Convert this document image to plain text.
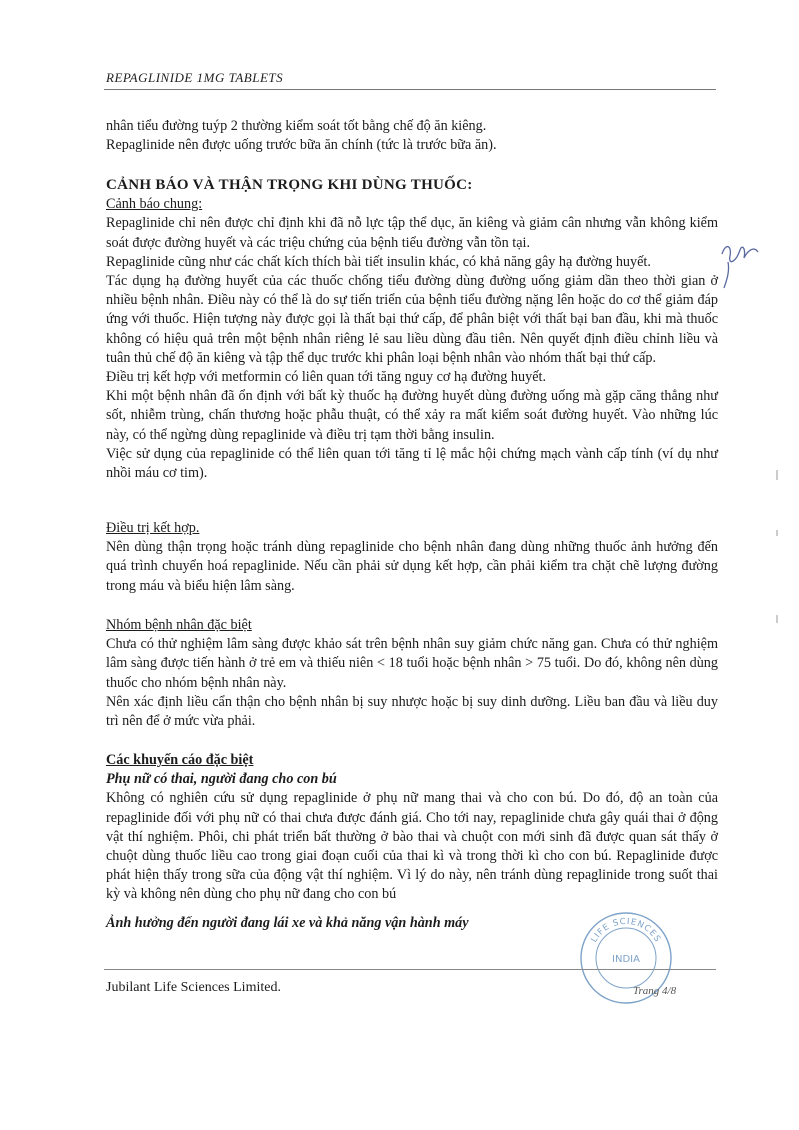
REPAGLINIDE 1MG TABLETS

nhân tiểu đường tuýp 2 thường kiểm soát tốt bằng chế độ ăn kiêng.

Repaglinide nên được uống trước bữa ăn chính (tức là trước bữa ăn).

CẢNH BÁO VÀ THẬN TRỌNG KHI DÙNG THUỐC:

Cảnh báo chung:

Repaglinide chỉ nên được chỉ định khi đã nỗ lực tập thể dục, ăn kiêng và giảm cân nhưng vẫn không kiểm soát được đường huyết và các triệu chứng của bệnh tiểu đường vẫn tồn tại.

Repaglinide cũng như các chất kích thích bài tiết insulin khác, có khả năng gây hạ đường huyết.

Tác dụng hạ đường huyết của các thuốc chống tiểu đường dùng đường uống giảm dần theo thời gian ở nhiều bệnh nhân. Điều này có thể là do sự tiến triển của bệnh tiểu đường nặng lên hoặc do cơ thể giảm đáp ứng với thuốc. Hiện tượng này được gọi là thất bại thứ cấp, để phân biệt với thất bại ban đầu, khi mà thuốc không có hiệu quả trên một bệnh nhân riêng lẻ sau liều dùng đầu tiên. Nên quyết định điều chỉnh liều và tuân thủ chế độ ăn kiêng và tập thể dục trước khi phân loại bệnh nhân vào nhóm thất bại thứ cấp.

Điều trị kết hợp với metformin có liên quan tới tăng nguy cơ hạ đường huyết.

Khi một bệnh nhân đã ổn định với bất kỳ thuốc hạ đường huyết dùng đường uống mà gặp căng thẳng như sốt, nhiễm trùng, chấn thương hoặc phẫu thuật, có thể xảy ra mất kiểm soát đường huyết. Vào những lúc này, có thể ngừng dùng repaglinide và điều trị tạm thời bằng insulin.

Việc sử dụng của repaglinide có thể liên quan tới tăng tỉ lệ mắc hội chứng mạch vành cấp tính (ví dụ như nhồi máu cơ tim).

Điều trị kết hợp.

Nên dùng thận trọng hoặc tránh dùng repaglinide cho bệnh nhân đang dùng những thuốc ảnh hưởng đến quá trình chuyển hoá repaglinide. Nếu cần phải sử dụng kết hợp, cần phải kiểm tra chặt chẽ lượng đường trong máu và biểu hiện lâm sàng.

Nhóm bệnh nhân đặc biệt

Chưa có thử nghiệm lâm sàng được khảo sát trên bệnh nhân suy giảm chức năng gan. Chưa có thử nghiệm lâm sàng được tiến hành ở trẻ em và thiếu niên < 18 tuổi hoặc bệnh nhân > 75 tuổi. Do đó, không nên dùng thuốc cho nhóm bệnh nhân này.

Nên xác định liều cẩn thận cho bệnh nhân bị suy nhược hoặc bị suy dinh dưỡng. Liều ban đầu và liều duy trì nên để ở mức vừa phải.

Các khuyến cáo đặc biệt

Phụ nữ có thai, người đang cho con bú

Không có nghiên cứu sử dụng repaglinide ở phụ nữ mang thai và cho con bú. Do đó, độ an toàn của repaglinide đối với phụ nữ có thai chưa được đánh giá. Cho tới nay, repaglinide chưa gây quái thai ở động vật thí nghiệm. Phôi, chi phát triển bất thường ở bào thai và chuột con mới sinh đã được quan sát thấy ở chuột dùng thuốc liều cao trong giai đoạn cuối của thai kì và trong thời kì cho con bú. Repaglinide được phát hiện thấy trong sữa của động vật thí nghiệm. Vì lý do này, nên tránh dùng repaglinide trong suốt thai kỳ và không nên dùng cho phụ nữ đang cho con bú

Ảnh hưởng đến người đang lái xe và khả năng vận hành máy

LIFE SCIENCES
INDIA
Jubilant Life Sciences Limited.	Trang 4/8
